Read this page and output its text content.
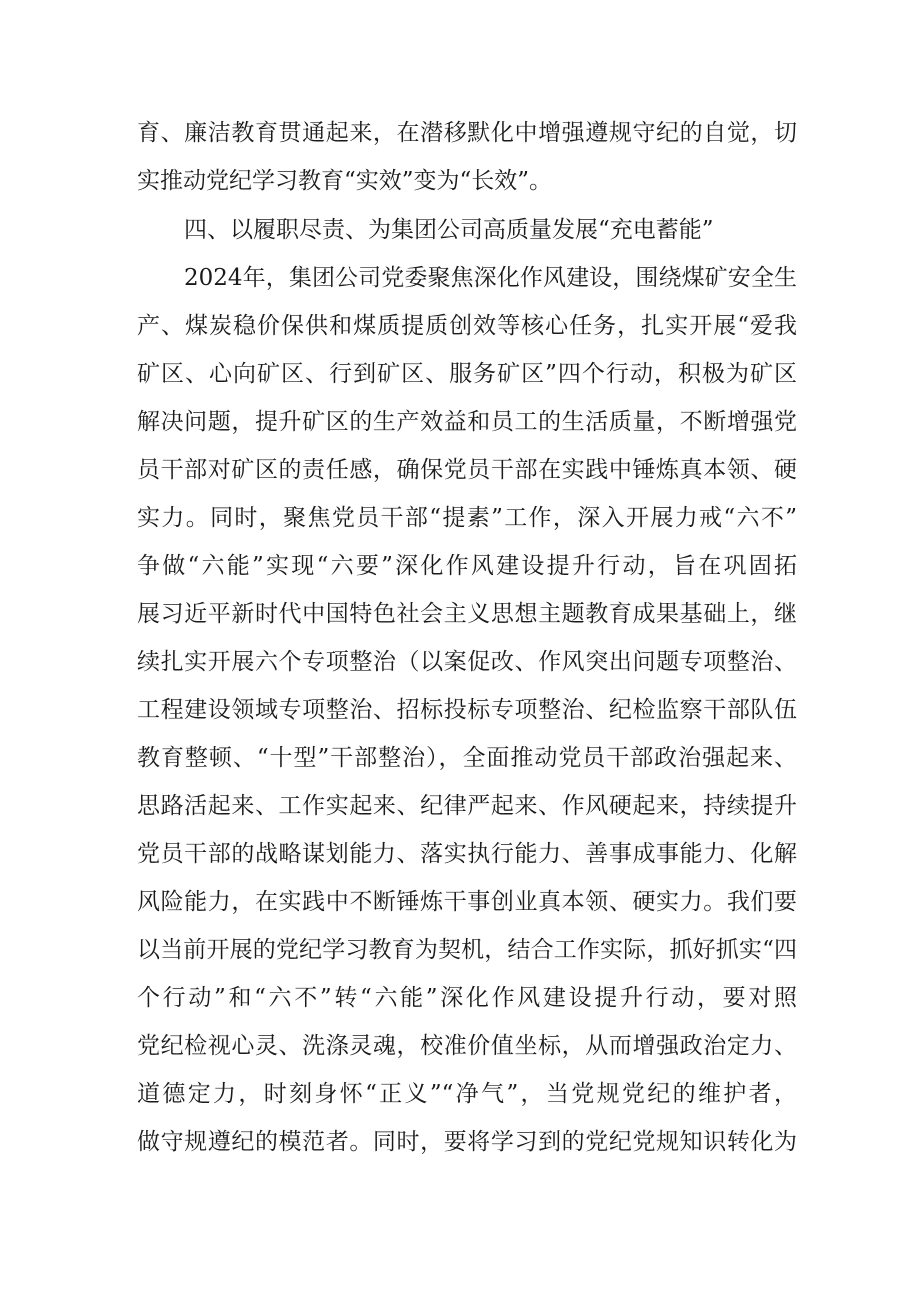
育、廉洁教育贯通起来，在潜移默化中增强遵规守纪的自觉，切
实推动党纪学习教育“实效”变为“长效”。
四、以履职尽责、为集团公司高质量发展“充电蓄能”
2024年，集团公司党委聚焦深化作风建设，围绕煤矿安全生
产、煤炭稳价保供和煤质提质创效等核心任务，扎实开展“爱我
矿区、心向矿区、行到矿区、服务矿区”四个行动，积极为矿区
解决问题，提升矿区的生产效益和员工的生活质量，不断增强党
员干部对矿区的责任感，确保党员干部在实践中锤炼真本领、硬
实力。同时，聚焦党员干部“提素”工作，深入开展力戒“六不”
争做“六能”实现“六要”深化作风建设提升行动，旨在巩固拓
展习近平新时代中国特色社会主义思想主题教育成果基础上，继
续扎实开展六个专项整治（以案促改、作风突出问题专项整治、
工程建设领域专项整治、招标投标专项整治、纪检监察干部队伍
教育整顿、“十型”干部整治），全面推动党员干部政治强起来、
思路活起来、工作实起来、纪律严起来、作风硬起来，持续提升
党员干部的战略谋划能力、落实执行能力、善事成事能力、化解
风险能力，在实践中不断锤炼干事创业真本领、硬实力。我们要
以当前开展的党纪学习教育为契机，结合工作实际，抓好抓实“四
个行动”和“六不”转“六能”深化作风建设提升行动，要对照
党纪检视心灵、洗涤灵魂，校准价值坐标，从而增强政治定力、
道德定力，时刻身怀“正义”“净气”，当党规党纪的维护者，
做守规遵纪的模范者。同时，要将学习到的党纪党规知识转化为
